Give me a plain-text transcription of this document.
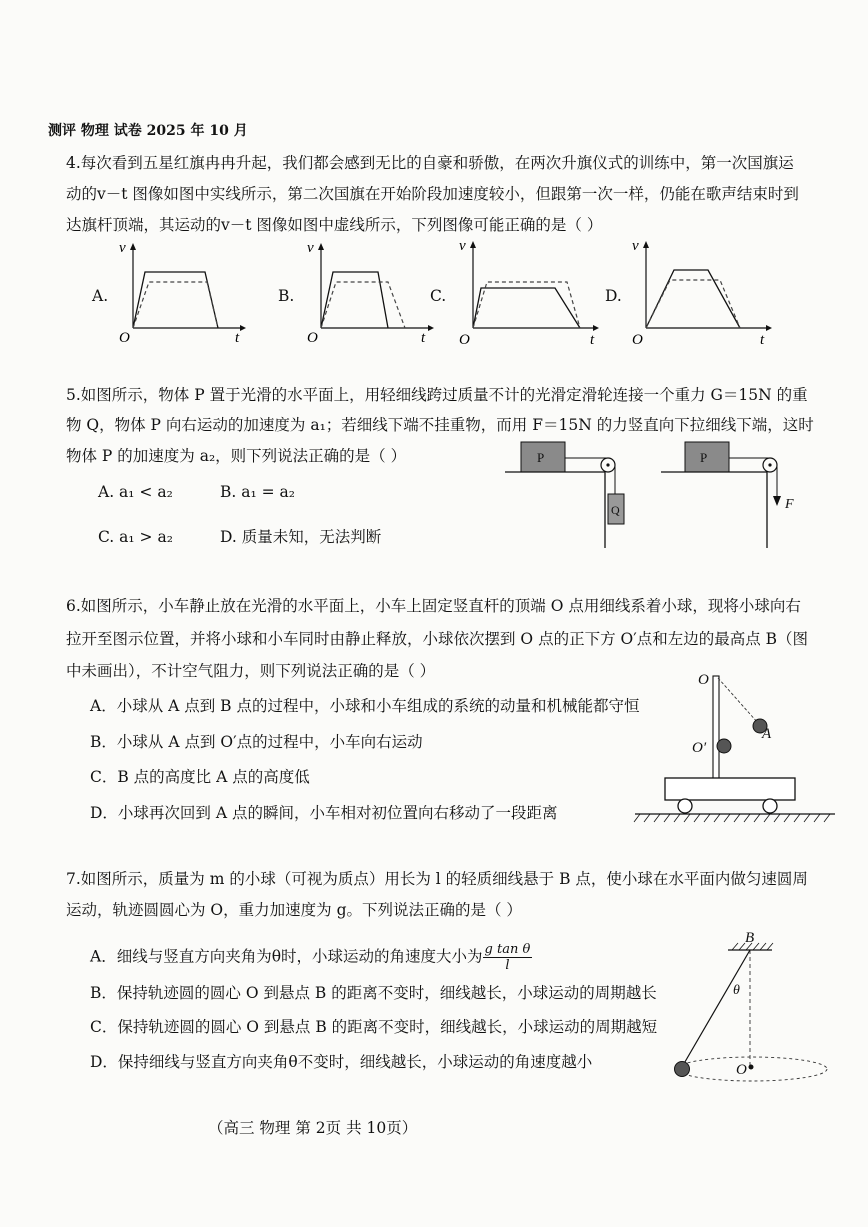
测评 物理 试卷 2025 年 10 月
4.每次看到五星红旗冉冉升起，我们都会感到无比的自豪和骄傲，在两次升旗仪式的训练中，第一次国旗运
动的v－t 图像如图中实线所示，第二次国旗在开始阶段加速度较小，但跟第一次一样，仍能在歌声结束时到
达旗杆顶端，其运动的v－t 图像如图中虚线所示，下列图像可能正确的是（ ）
A.
v
O	t
B.
v
O	t
C.
v
O	t
D.
v
O	t
5.如图所示，物体 P 置于光滑的水平面上，用轻细线跨过质量不计的光滑定滑轮连接一个重力 G＝15N 的重
物 Q，物体 P 向右运动的加速度为 a₁；若细线下端不挂重物，而用 F＝15N 的力竖直向下拉细线下端，这时
物体 P 的加速度为 a₂，则下列说法正确的是（ ）
A. a₁ < a₂	B. a₁ = a₂
C. a₁ > a₂	D. 质量未知，无法判断
P
Q
P
F
6.如图所示，小车静止放在光滑的水平面上，小车上固定竖直杆的顶端 O 点用细线系着小球，现将小球向右
拉开至图示位置，并将小球和小车同时由静止释放，小球依次摆到 O 点的正下方 O′点和左边的最高点 B（图
中未画出），不计空气阻力，则下列说法正确的是（ ）
A．小球从 A 点到 B 点的过程中，小球和小车组成的系统的动量和机械能都守恒
B．小球从 A 点到 O′点的过程中，小车向右运动
C．B 点的高度比 A 点的高度低
D．小球再次回到 A 点的瞬间，小车相对初位置向右移动了一段距离
O
O′
A
7.如图所示，质量为 m 的小球（可视为质点）用长为 l 的轻质细线悬于 B 点，使小球在水平面内做匀速圆周
运动，轨迹圆圆心为 O，重力加速度为 g。下列说法正确的是（ ）
A．细线与竖直方向夹角为θ时，小球运动的角速度大小为 $\frac{\text{g tan θ}}{l}$
B．保持轨迹圆的圆心 O 到悬点 B 的距离不变时，细线越长，小球运动的周期越长
C．保持轨迹圆的圆心 O 到悬点 B 的距离不变时，细线越长，小球运动的周期越短
D．保持细线与竖直方向夹角θ不变时，细线越长，小球运动的角速度越小
B
θ
O
（高三 物理 第 2页 共 10页）
